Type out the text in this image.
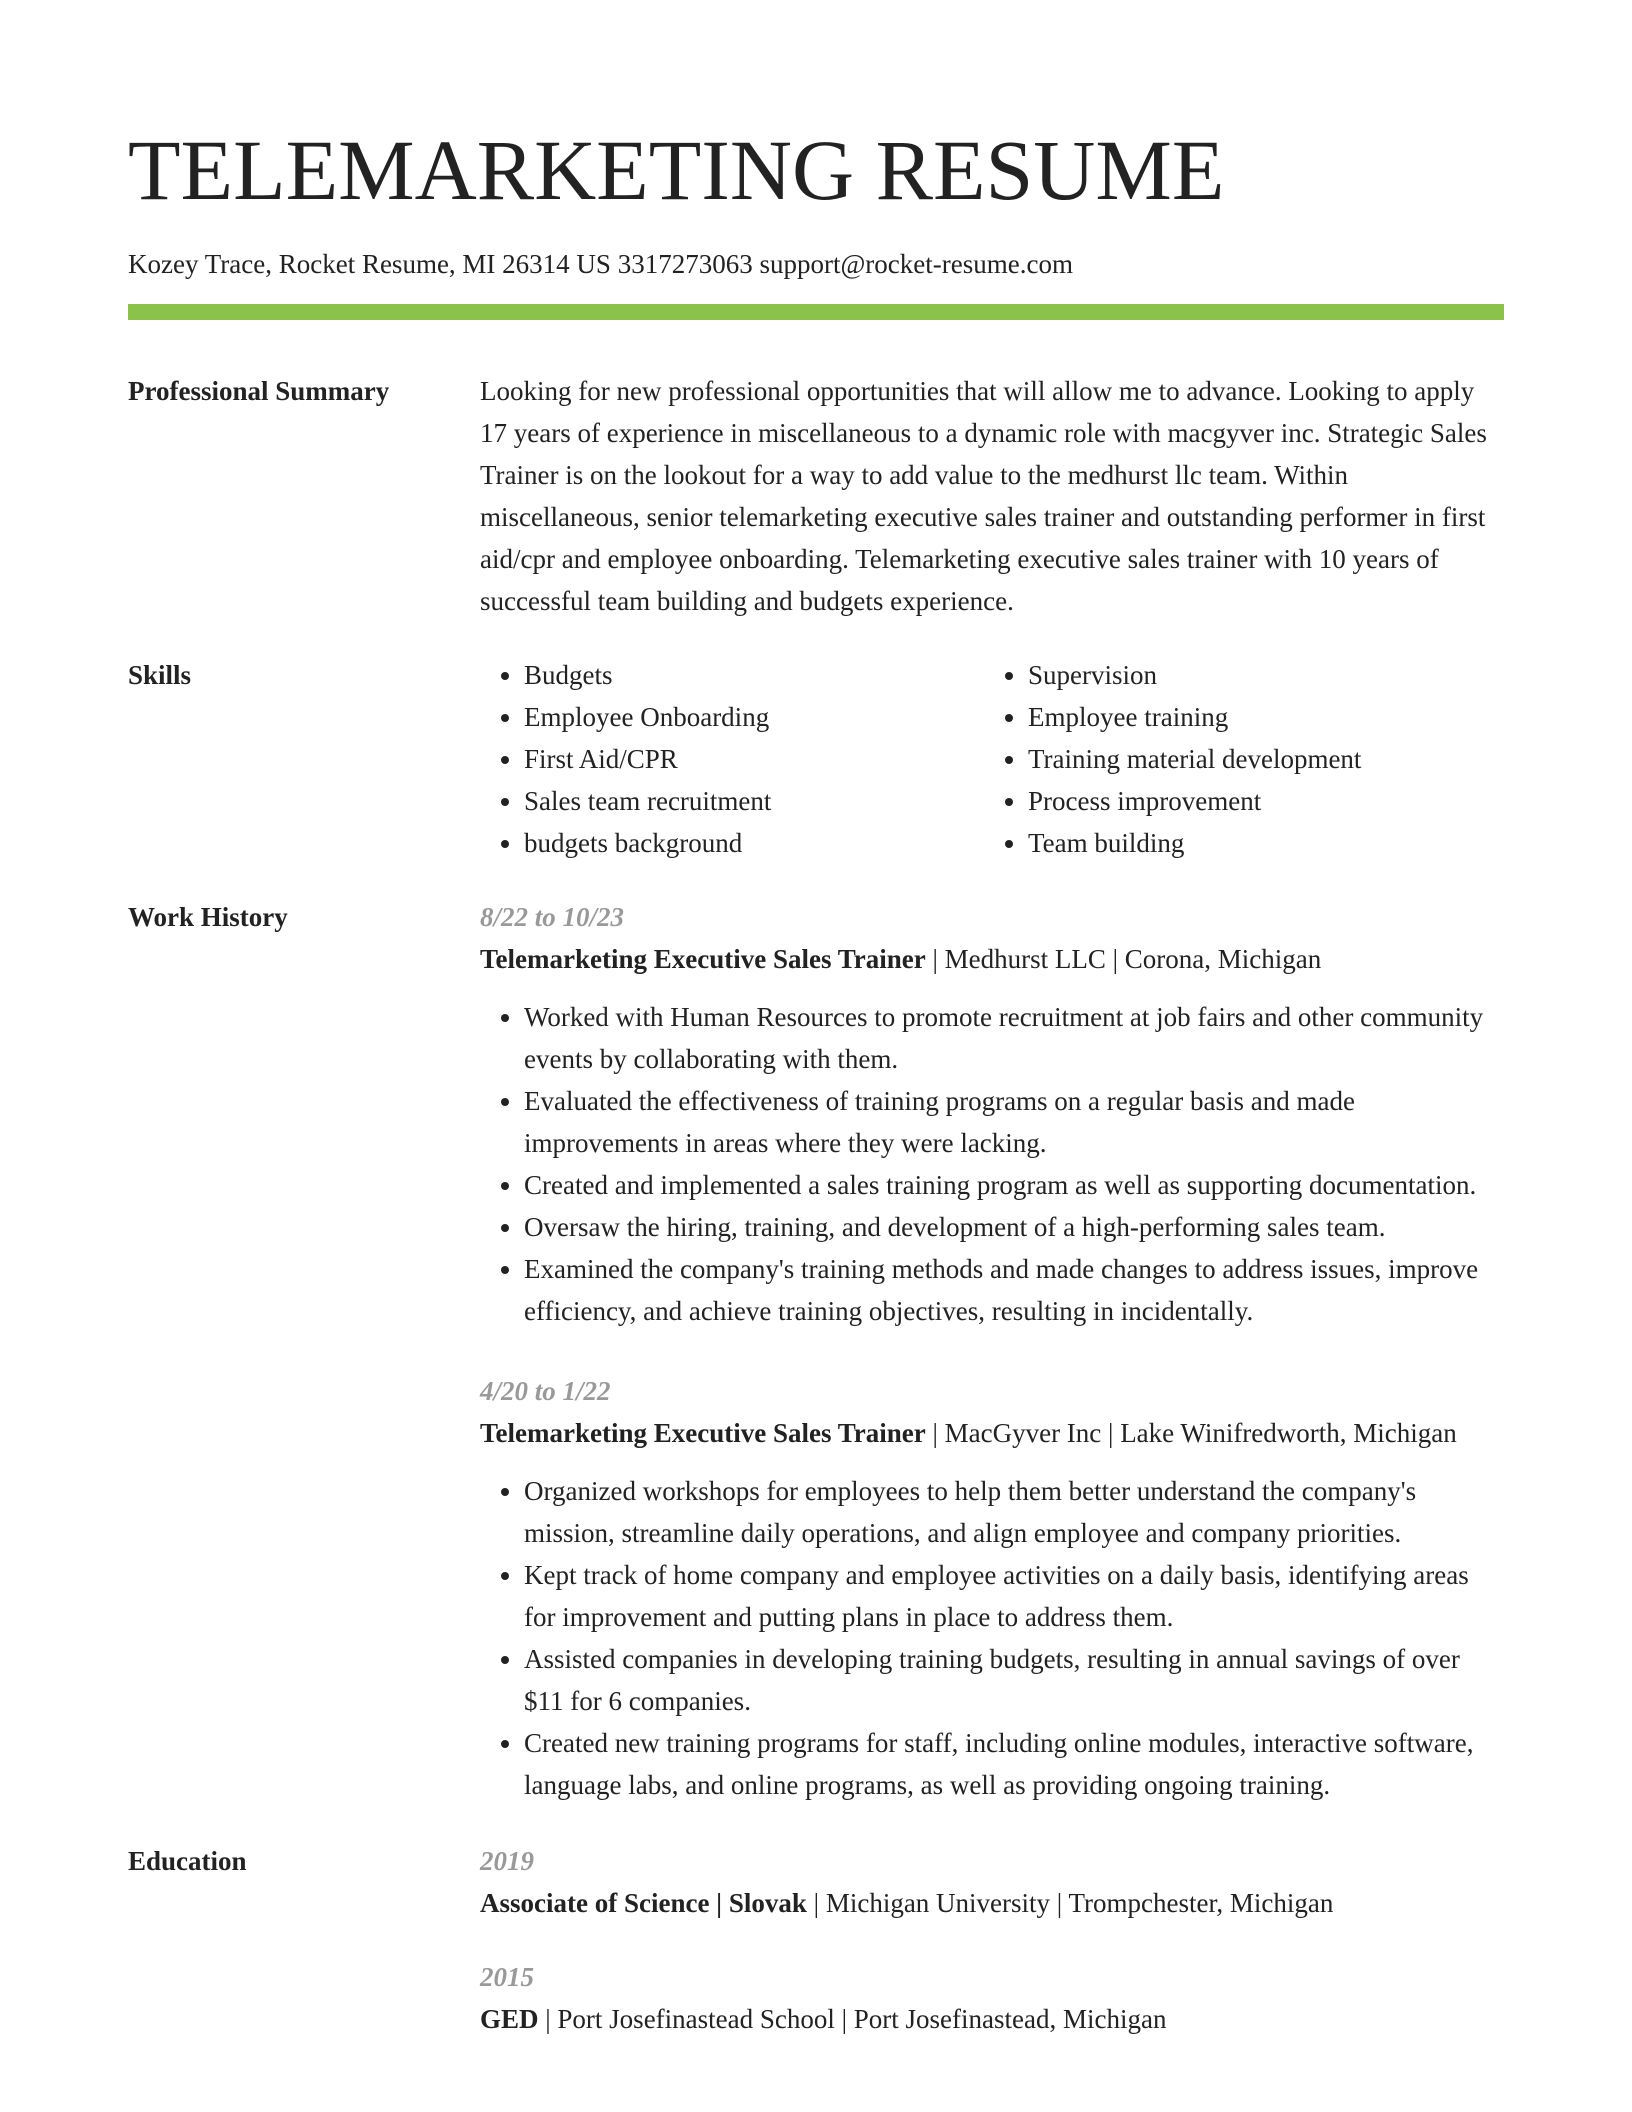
TELEMARKETING RESUME
Kozey Trace, Rocket Resume, MI 26314 US 3317273063 support@rocket-resume.com
Professional Summary	Looking for new professional opportunities that will allow me to advance. Looking to apply 17 years of experience in miscellaneous to a dynamic role with macgyver inc. Strategic Sales Trainer is on the lookout for a way to add value to the medhurst llc team. Within miscellaneous, senior telemarketing executive sales trainer and outstanding performer in first aid/cpr and employee onboarding. Telemarketing executive sales trainer with 10 years of successful team building and budgets experience.
Skills
•	Budgets
• Employee Onboarding
• First Aid/CPR
• Sales team recruitment
• budgets background
• Supervision
• Employee training
• Training material development
• Process improvement
• Team building
Work History	8/22 to 10/23
Telemarketing Executive Sales Trainer | Medhurst LLC | Corona, Michigan
• Worked with Human Resources to promote recruitment at job fairs and other community events by collaborating with them.
• Evaluated the effectiveness of training programs on a regular basis and made improvements in areas where they were lacking.
• Created and implemented a sales training program as well as supporting documentation.
• Oversaw the hiring, training, and development of a high-performing sales team.
• Examined the company's training methods and made changes to address issues, improve efficiency, and achieve training objectives, resulting in incidentally.
4/20 to 1/22
Telemarketing Executive Sales Trainer | MacGyver Inc | Lake Winifredworth, Michigan
• Organized workshops for employees to help them better understand the company's mission, streamline daily operations, and align employee and company priorities.
• Kept track of home company and employee activities on a daily basis, identifying areas for improvement and putting plans in place to address them.
• Assisted companies in developing training budgets, resulting in annual savings of over $11 for 6 companies.
• Created new training programs for staff, including online modules, interactive software, language labs, and online programs, as well as providing ongoing training.
Education	2019
Associate of Science | Slovak | Michigan University | Trompchester, Michigan
2015
GED | Port Josefinastead School | Port Josefinastead, Michigan
